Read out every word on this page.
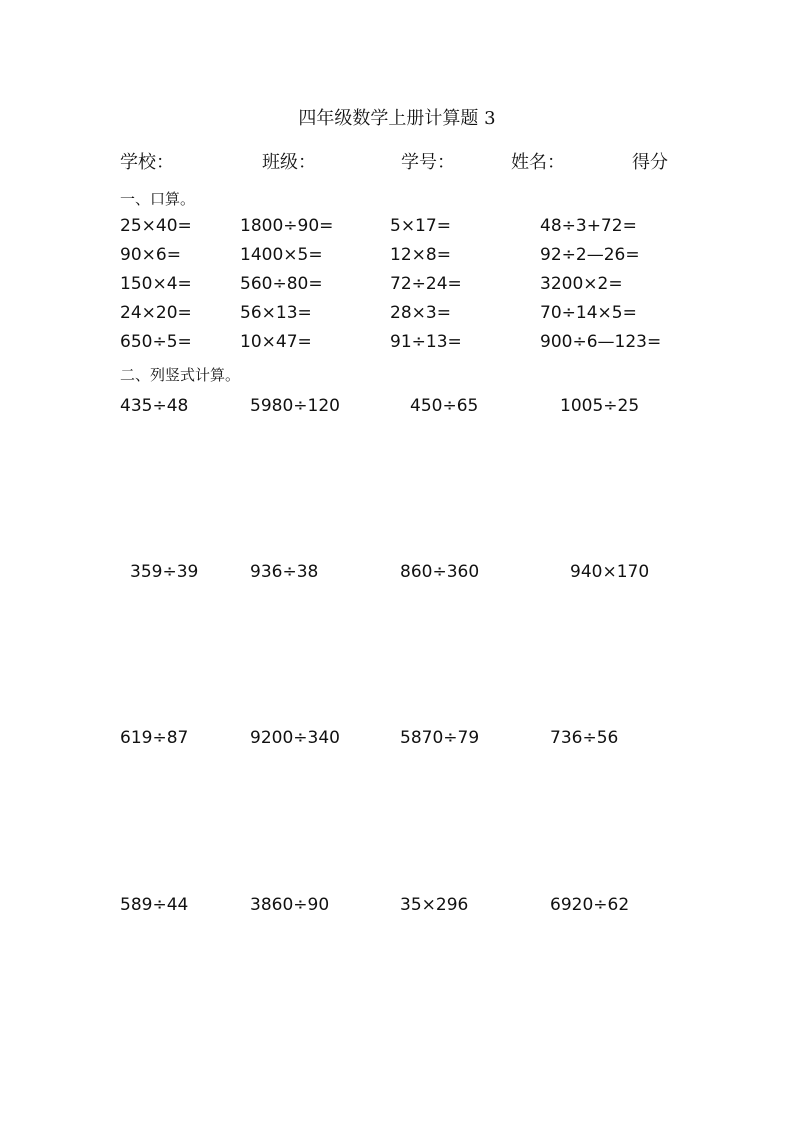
四年级数学上册计算题 3
学校：	班级：	学号：	姓名：	得分
一、口算。
25×40=	1800÷90=	5×17=	48÷3+72=
90×6=	1400×5=	12×8=	92÷2—26=
150×4=	560÷80=	72÷24=	3200×2=
24×20=	56×13=	28×3=	70÷14×5=
650÷5=	10×47=	91÷13=	900÷6—123=
二、列竖式计算。
435÷48	5980÷120	450÷65	1005÷25
359÷39	936÷38	860÷360	940×170
619÷87	9200÷340	5870÷79	736÷56
589÷44	3860÷90	35×296	6920÷62
